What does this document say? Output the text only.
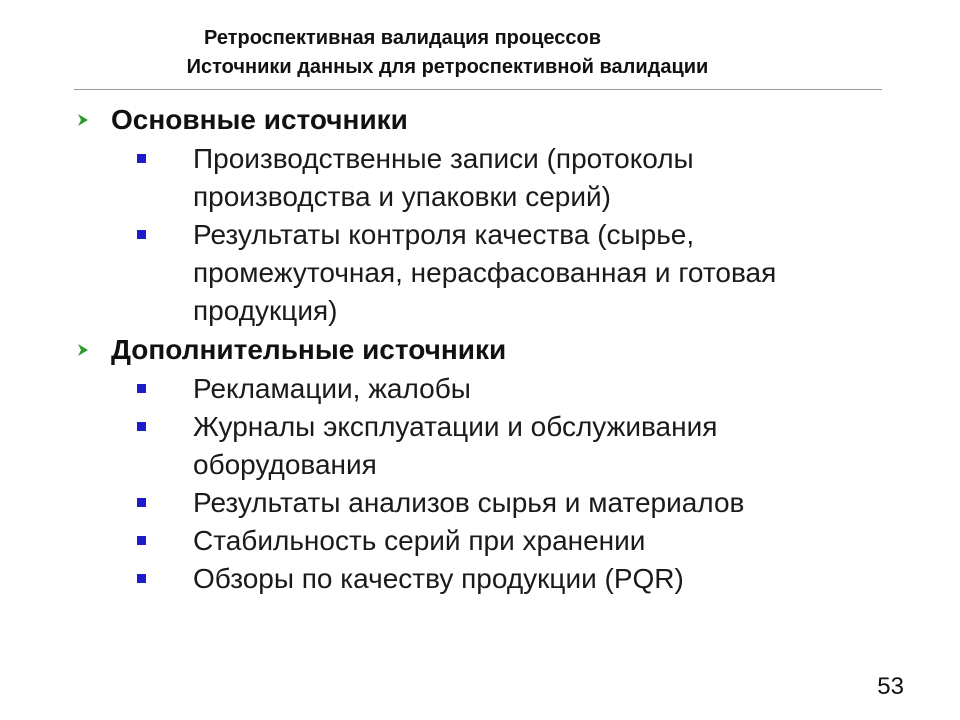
Ретроспективная валидация процессов
Источники данных для ретроспективной валидации
Основные источники
Производственные записи (протоколы
производства и упаковки серий)
Результаты контроля качества (сырье,
промежуточная, нерасфасованная и готовая
продукция)
Дополнительные источники
Рекламации, жалобы
Журналы эксплуатации и обслуживания
оборудования
Результаты анализов сырья и материалов
Стабильность серий при хранении
Обзоры по качеству продукции (PQR)
53
